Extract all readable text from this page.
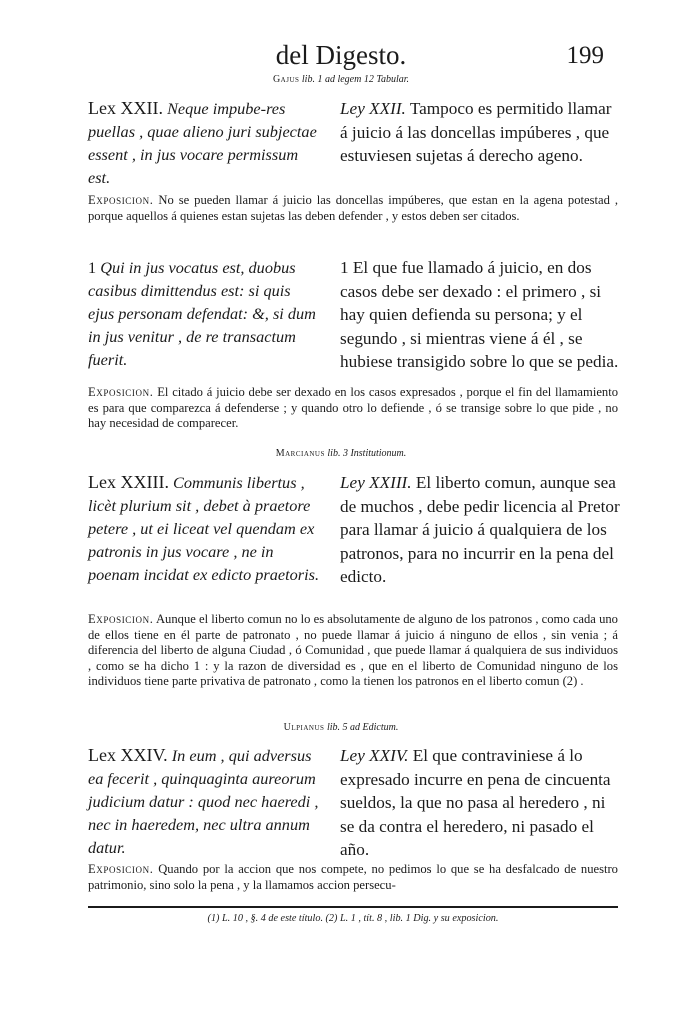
del Digesto.	199
Gajus lib. 1 ad legem 12 Tabular.
Lex XXII. Neque impube-res puellas , quae alieno juri subjectae essent , in jus vocare permissum est.
Ley XXII. Tampoco es permitido llamar á juicio á las doncellas impúberes , que estuviesen sujetas á derecho ageno.
Exposicion. No se pueden llamar á juicio las doncellas impúberes, que estan en la agena potestad , porque aquellos á quienes estan sujetas las deben defender , y estos deben ser citados.
1 Qui in jus vocatus est, duobus casibus dimittendus est: si quis ejus personam defendat: &, si dum in jus venitur , de re transactum fuerit.
1 El que fue llamado á juicio, en dos casos debe ser dexado : el primero , si hay quien defienda su persona; y el segundo , si mientras viene á él , se hubiese transigido sobre lo que se pedia.
Exposicion. El citado á juicio debe ser dexado en los casos expresados , porque el fin del llamamiento es para que comparezca á defenderse ; y quando otro lo defiende , ó se transige sobre lo que pide , no hay necesidad de comparecer.
Marcianus lib. 3 Institutionum.
Lex XXIII. Communis libertus , licèt plurium sit , debet à praetore petere , ut ei liceat vel quendam ex patronis in jus vocare , ne in poenam incidat ex edicto praetoris.
Ley XXIII. El liberto comun, aunque sea de muchos , debe pedir licencia al Pretor para llamar á juicio á qualquiera de los patronos, para no incurrir en la pena del edicto.
Exposicion. Aunque el liberto comun no lo es absolutamente de alguno de los patronos , como cada uno de ellos tiene en él parte de patronato , no puede llamar á juicio á ninguno de ellos , sin venia ; á diferencia del liberto de alguna Ciudad , ó Comunidad , que puede llamar á qualquiera de sus individuos , como se ha dicho 1 : y la razon de diversidad es , que en el liberto de Comunidad ninguno de los individuos tiene parte privativa de patronato , como la tienen los patronos en el liberto comun (2) .
Ulpianus lib. 5 ad Edictum.
Lex XXIV. In eum , qui adversus ea fecerit , quinquaginta aureorum judicium datur : quod nec haeredi , nec in haeredem, nec ultra annum datur.
Ley XXIV. El que contraviniese á lo expresado incurre en pena de cincuenta sueldos, la que no pasa al heredero , ni se da contra el heredero, ni pasado el año.
Exposicion. Quando por la accion que nos compete, no pedimos lo que se ha desfalcado de nuestro patrimonio, sino solo la pena , y la llamamos accion persecu-
(1) L. 10 , §. 4 de este título. (2) L. 1 , tít. 8 , lib. 1 Dig. y su exposicion.
